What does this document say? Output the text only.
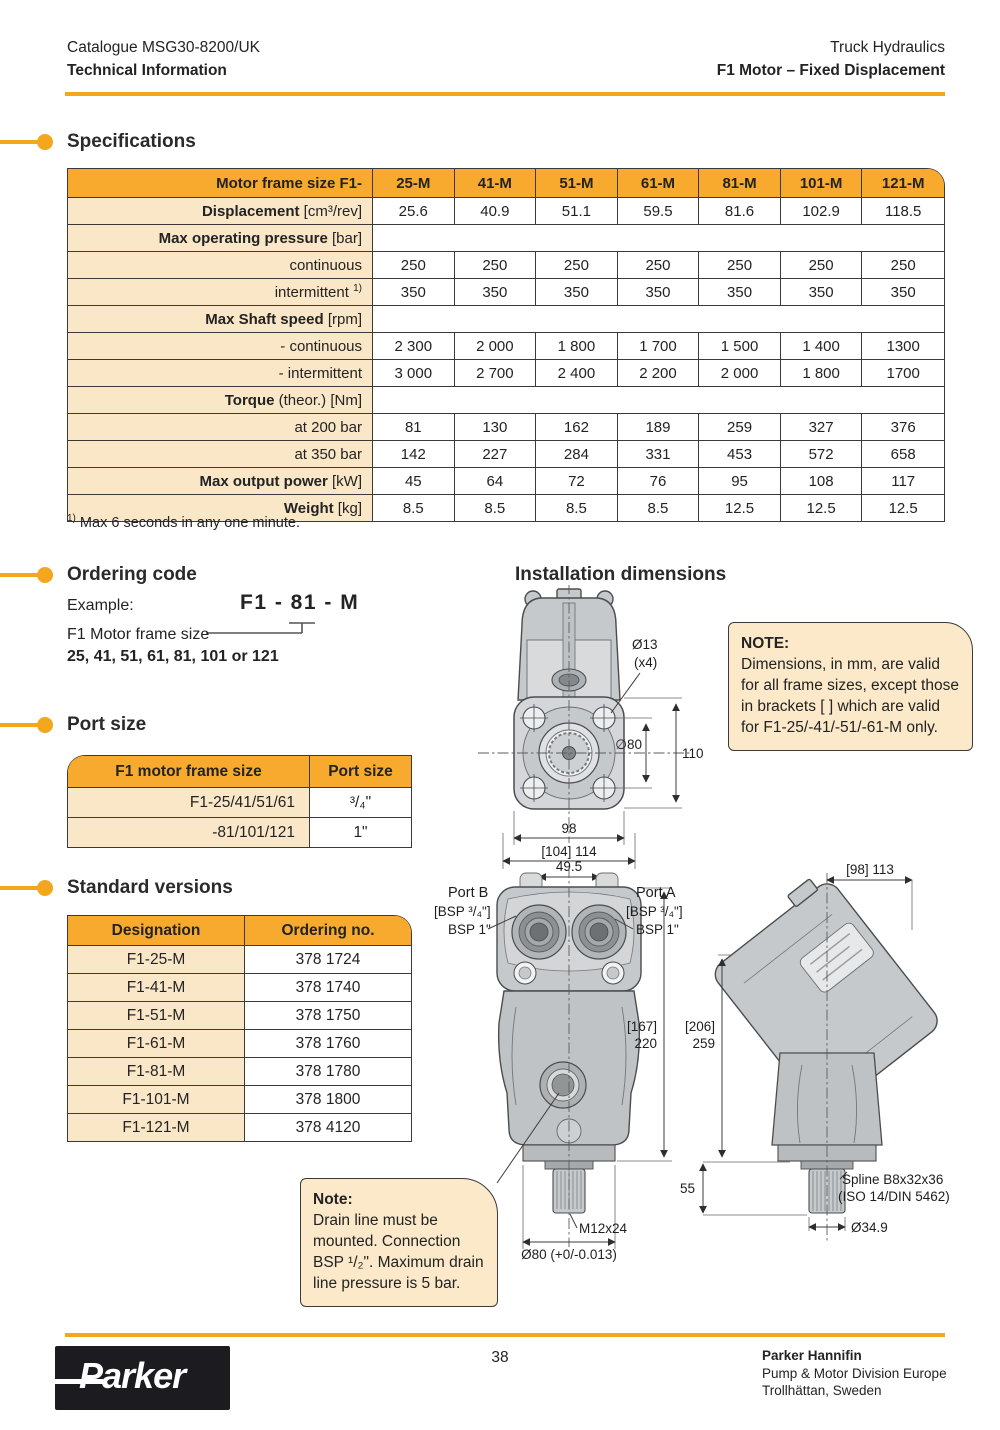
Catalogue MSG30-8200/UK
Technical Information
Truck Hydraulics
F1 Motor – Fixed Displacement
Specifications
Motor frame size F1-	25-M	41-M	51-M	61-M	81-M	101-M	121-M
Displacement [cm³/rev]	25.6	40.9	51.1	59.5	81.6	102.9	118.5
Max operating pressure [bar]							
continuous	250	250	250	250	250	250	250
intermittent $^{1)}$	350	350	350	350	350	350	350
Max Shaft speed [rpm]							
- continuous	2 300	2 000	1 800	1 700	1 500	1 400	1300
- intermittent	3 000	2 700	2 400	2 200	2 000	1 800	1700
Torque (theor.) [Nm]							
at 200 bar	81	130	162	189	259	327	376
at 350 bar	142	227	284	331	453	572	658
Max output power [kW]	45	64	72	76	95	108	117
Weight [kg]	8.5	8.5	8.5	8.5	12.5	12.5	12.5
$^{1)}$ Max 6 seconds in any one minute.
Ordering code
Example:	F1 - 81 - M
F1 Motor frame size
25, 41, 51, 61, 81, 101 or 121
Port size
F1 motor frame size	Port size
F1-25/41/51/61	³/₄"
-81/101/121	1"
Standard versions
Designation	Ordering no.
F1-25-M	378 1724
F1-41-M	378 1740
F1-51-M	378 1750
F1-61-M	378 1760
F1-81-M	378 1780
F1-101-M	378 1800
F1-121-M	378 4120
Installation dimensions
Ø13
(x4)
∅80
110
98
[104] 114
49.5
[167]
220
M12x24
Ø80 (+0/-0.013)
Port B
[BSP ³/₄"]
BSP 1"
Port A
[BSP ³/₄"]
BSP 1"
[98] 113
[206]
259
55
Spline B8x32x36
(ISO 14/DIN 5462)
Ø34.9
NOTE:
Dimensions, in mm, are valid for all frame sizes, except those in brackets [ ] which are valid for F1-25/-41/-51/-61-M only.
Note:
Drain line must be mounted. Connection BSP ¹/₂". Maximum drain line pressure is 5 bar.
Parker	38	Parker Hannifin
Pump & Motor Division Europe
Trollhättan, Sweden
